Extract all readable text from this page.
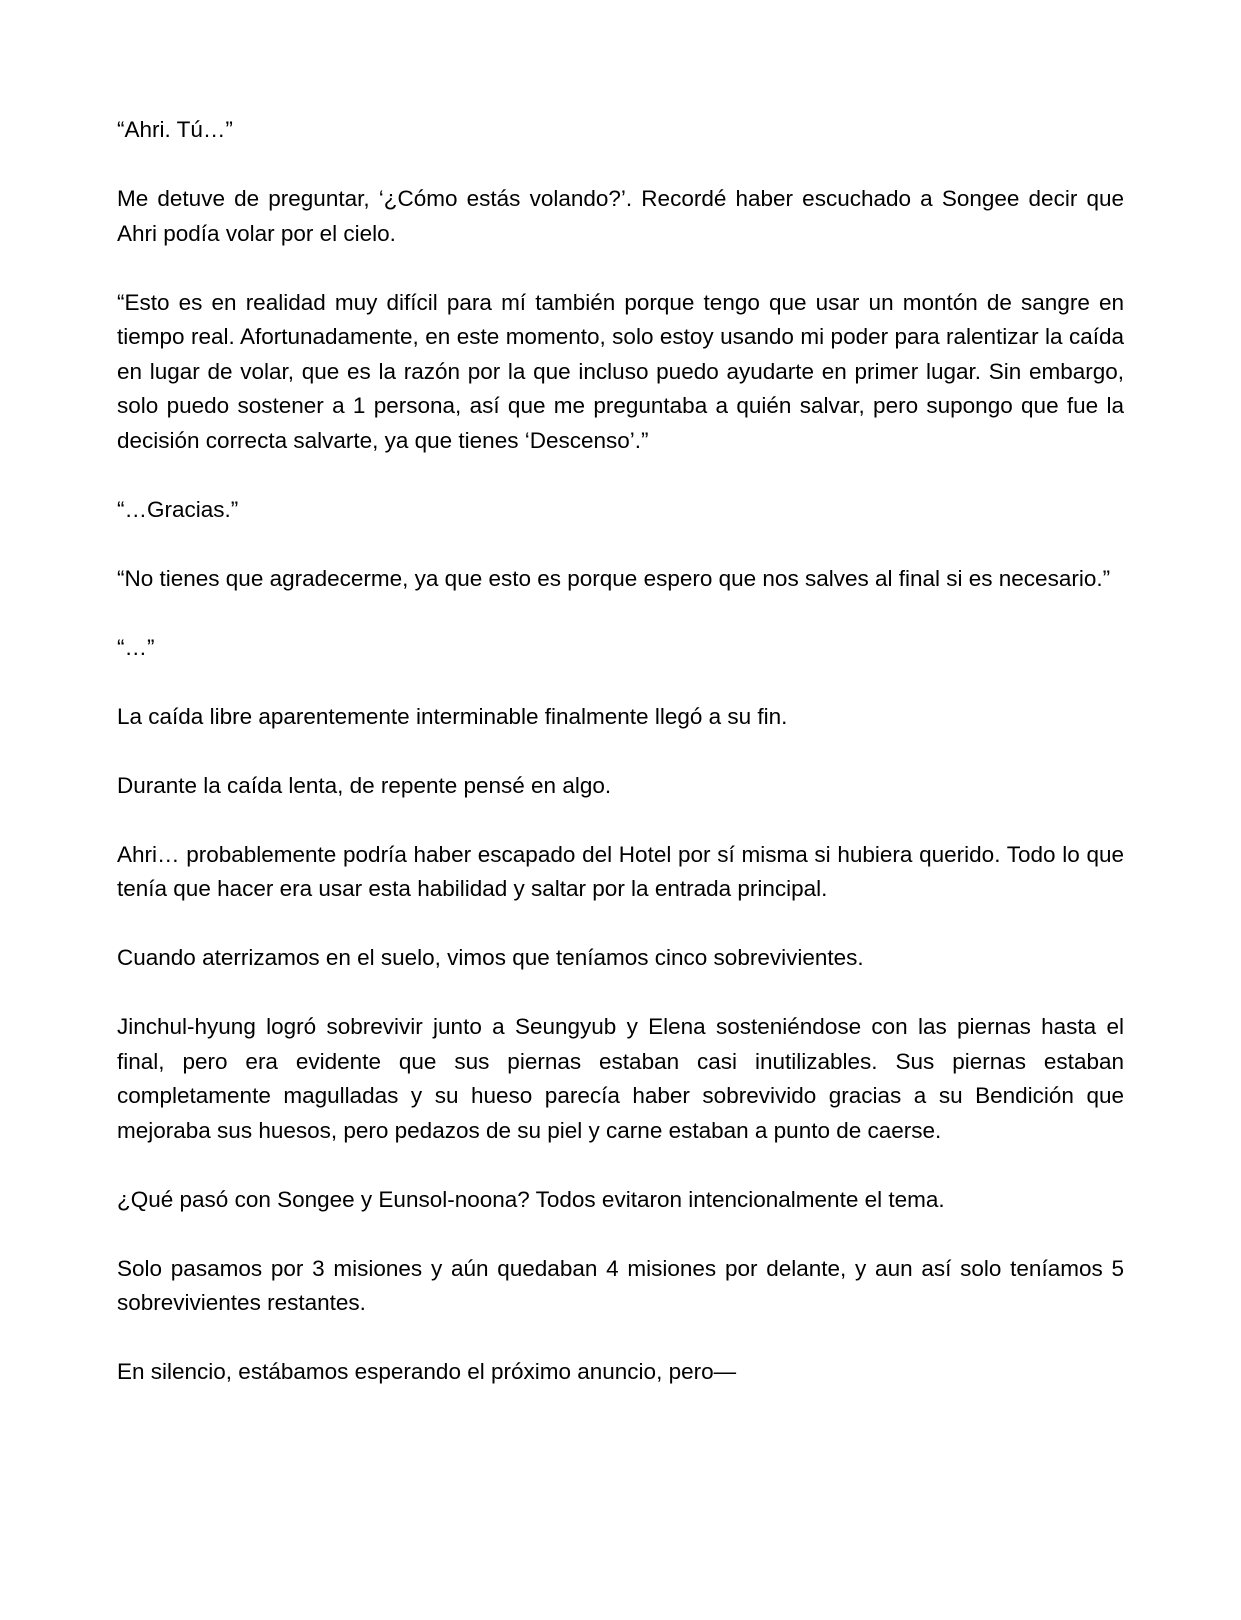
“Ahri. Tú…”

Me detuve de preguntar, ‘¿Cómo estás volando?’. Recordé haber escuchado a Songee decir que Ahri podía volar por el cielo.

“Esto es en realidad muy difícil para mí también porque tengo que usar un montón de sangre en tiempo real. Afortunadamente, en este momento, solo estoy usando mi poder para ralentizar la caída en lugar de volar, que es la razón por la que incluso puedo ayudarte en primer lugar. Sin embargo, solo puedo sostener a 1 persona, así que me preguntaba a quién salvar, pero supongo que fue la decisión correcta salvarte, ya que tienes ‘Descenso’.”

“…Gracias.”

“No tienes que agradecerme, ya que esto es porque espero que nos salves al final si es necesario.”

“…”

La caída libre aparentemente interminable finalmente llegó a su fin.

Durante la caída lenta, de repente pensé en algo.

Ahri… probablemente podría haber escapado del Hotel por sí misma si hubiera querido. Todo lo que tenía que hacer era usar esta habilidad y saltar por la entrada principal.

Cuando aterrizamos en el suelo, vimos que teníamos cinco sobrevivientes.

Jinchul-hyung logró sobrevivir junto a Seungyub y Elena sosteniéndose con las piernas hasta el final, pero era evidente que sus piernas estaban casi inutilizables. Sus piernas estaban completamente magulladas y su hueso parecía haber sobrevivido gracias a su Bendición que mejoraba sus huesos, pero pedazos de su piel y carne estaban a punto de caerse.

¿Qué pasó con Songee y Eunsol-noona? Todos evitaron intencionalmente el tema.

Solo pasamos por 3 misiones y aún quedaban 4 misiones por delante, y aun así solo teníamos 5 sobrevivientes restantes.

En silencio, estábamos esperando el próximo anuncio, pero—
